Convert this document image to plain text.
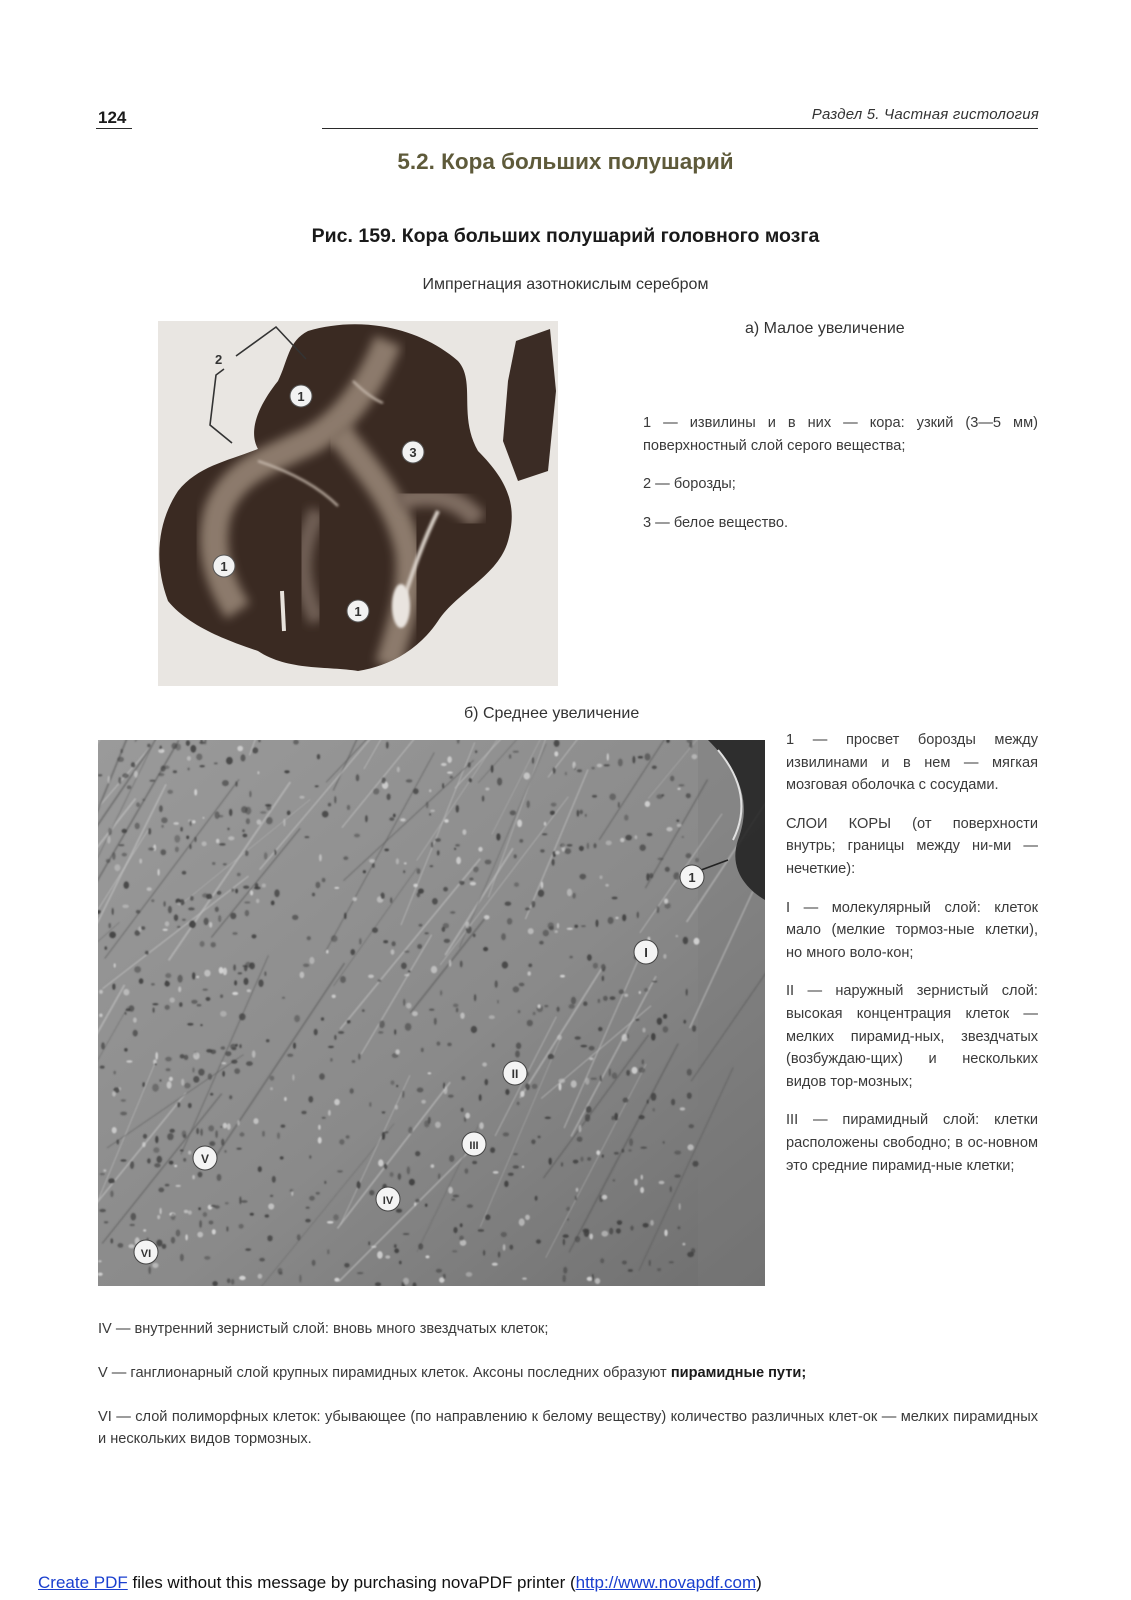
124	Раздел 5. Частная гистология
5.2. Кора больших полушарий
Рис. 159. Кора больших полушарий головного мозга
Импрегнация азотнокислым серебром
а) Малое увеличение
2
1
3
1
1

1 — извилины и в них — кора: узкий (3—5 мм) поверхностный слой серого вещества;

2 — борозды;

3 — белое вещество.

б) Среднее увеличение
1
I
II
III
IV
V
VI

1 — просвет борозды между извилинами и в нем — мягкая мозговая оболочка с сосудами.

СЛОИ КОРЫ (от поверхности внутрь; границы между ни-ми — нечеткие):

I — молекулярный слой: клеток мало (мелкие тормоз-ные клетки), но много воло-кон;

II — наружный зернистый слой: высокая концентрация клеток — мелких пирамид-ных, звездчатых (возбуждаю-щих) и нескольких видов тор-мозных;

III — пирамидный слой: клетки расположены свободно; в ос-новном это средние пирамид-ные клетки;

IV — внутренний зернистый слой: вновь много звездчатых клеток;
V — ганглионарный слой крупных пирамидных клеток. Аксоны последних образуют пирамидные пути;
VI — слой полиморфных клеток: убывающее (по направлению к белому веществу) количество различных клет-ок — мелких пирамидных и нескольких видов тормозных.
Create PDF files without this message by purchasing novaPDF printer (http://www.novapdf.com)
